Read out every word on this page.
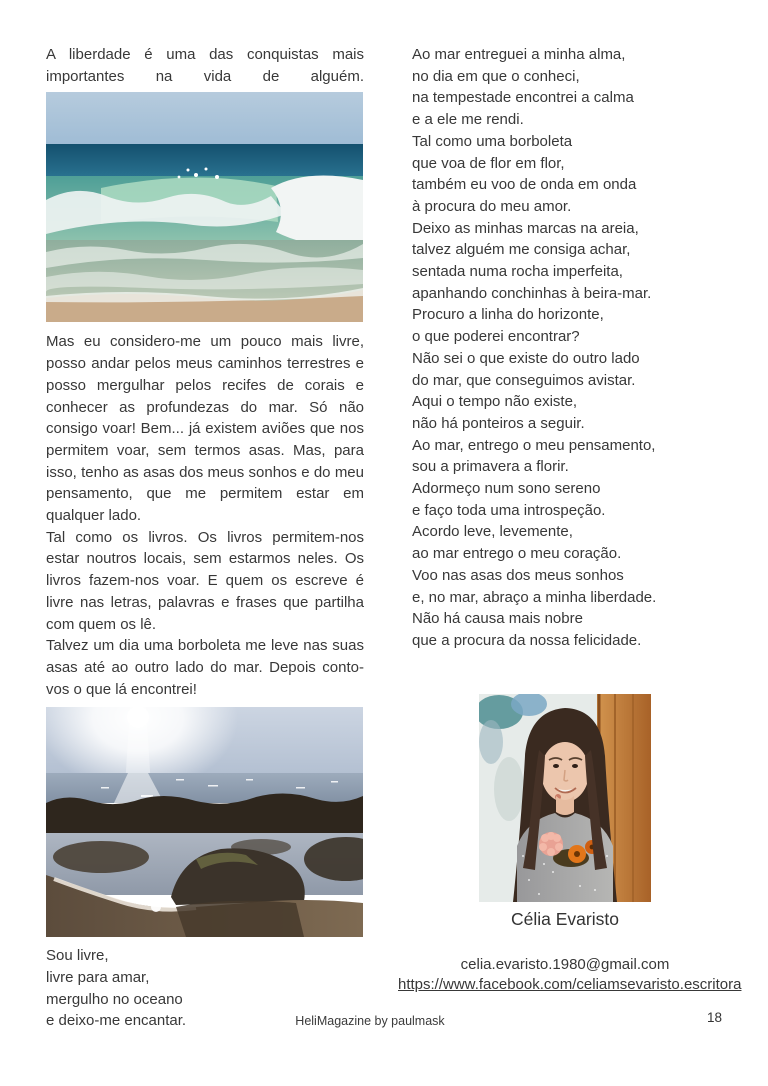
A liberdade é uma das conquistas mais importantes na vida de alguém.

Mas eu considero-me um pouco mais livre, posso andar pelos meus caminhos terrestres e posso mergulhar pelos recifes de corais e conhecer as profundezas do mar. Só não consigo voar! Bem... já existem aviões que nos permitem voar, sem termos asas. Mas, para isso, tenho as asas dos meus sonhos e do meu pensamento, que me permitem estar em qualquer lado.

Tal como os livros. Os livros permitem-nos estar noutros locais, sem estarmos neles. Os livros fazem-nos voar. E quem os escreve é livre nas letras, palavras e frases que partilha com quem os lê.

Talvez um dia uma borboleta me leve nas suas asas até ao outro lado do mar. Depois conto-vos o que lá encontrei!

Sou livre,
livre para amar,
mergulho no oceano
e deixo-me encantar.
Ao mar entreguei a minha alma,
no dia em que o conheci,
na tempestade encontrei a calma
e a ele me rendi.
Tal como uma borboleta
que voa de flor em flor,
também eu voo de onda em onda
à procura do meu amor.
Deixo as minhas marcas na areia,
talvez alguém me consiga achar,
sentada numa rocha imperfeita,
apanhando conchinhas à beira-mar.
Procuro a linha do horizonte,
o que poderei encontrar?
Não sei o que existe do outro lado
do mar, que conseguimos avistar.
Aqui o tempo não existe,
não há ponteiros a seguir.
Ao mar, entrego o meu pensamento,
sou a primavera a florir.
Adormeço num sono sereno
e faço toda uma introspeção.
Acordo leve, levemente,
ao mar entrego o meu coração.
Voo nas asas dos meus sonhos
e, no mar, abraço a minha liberdade.
Não há causa mais nobre
que a procura da nossa felicidade.
Célia Evaristo
celia.evaristo.1980@gmail.com
https://www.facebook.com/celiamsevaristo.escritora
HeliMagazine by paulmask	18
